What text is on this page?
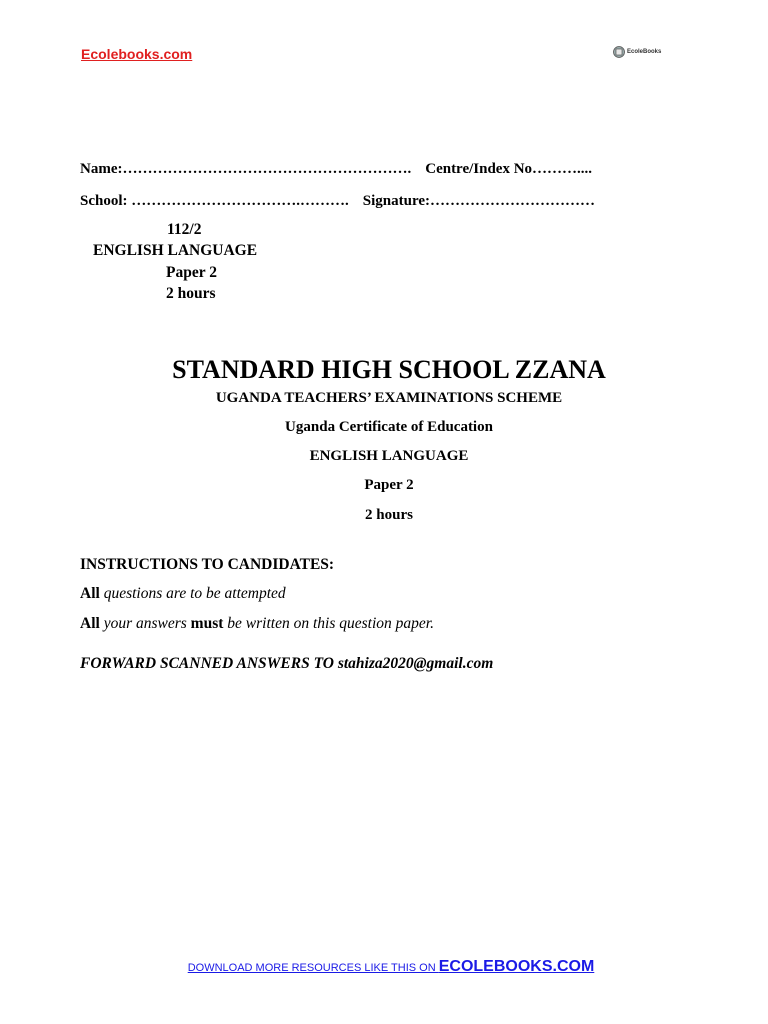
Ecolebooks.com	EcoleBooks
Name:…………………………………………………. Centre/Index No………....
School: …………………………….………. Signature:……………………………
112/2
ENGLISH LANGUAGE
Paper 2
2 hours
STANDARD HIGH SCHOOL ZZANA
UGANDA TEACHERS’ EXAMINATIONS SCHEME
Uganda Certificate of Education
ENGLISH LANGUAGE
Paper 2
2 hours
INSTRUCTIONS TO CANDIDATES:
All questions are to be attempted
All your answers must be written on this question paper.
FORWARD SCANNED ANSWERS TO stahiza2020@gmail.com
DOWNLOAD MORE RESOURCES LIKE THIS ON ECOLEBOOKS.COM
